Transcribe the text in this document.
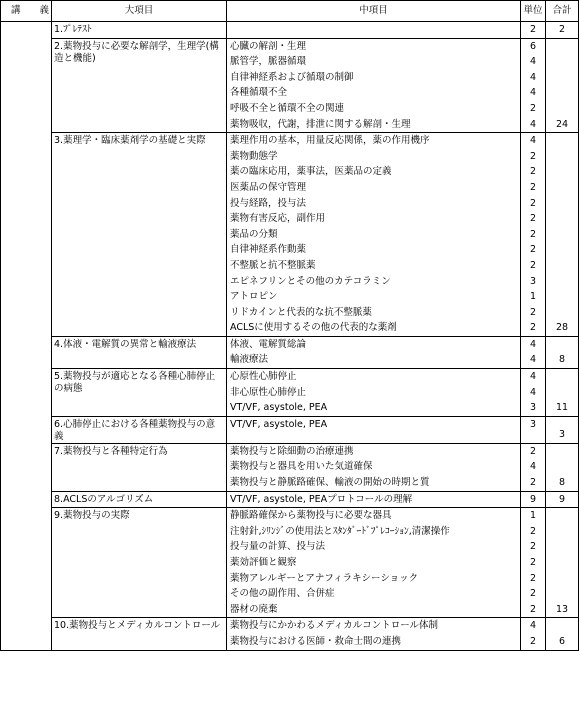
講 義	大項目	中項目	単位	合計
	1.ﾌﾟﾚﾃｽﾄ		2	2
	2.薬物投与に必要な解剖学，生理学(構造と機能)	心臓の解剖・生理	6	24
		脈管学，脈器循環	4	
		自律神経系および循環の制御	4	
		各種循環不全	4	
		呼吸不全と循環不全の関連	2	
		薬物吸収，代謝，排泄に関する解剖・生理	4	
	3.薬理学・臨床薬剤学の基礎と実際	薬理作用の基本，用量反応関係，薬の作用機序	4	28
		薬物動態学	2	
		薬の臨床応用，薬事法，医薬品の定義	2	
		医薬品の保守管理	2	
		投与経路，投与法	2	
		薬物有害反応，副作用	2	
		薬品の分類	2	
		自律神経系作動薬	2	
		不整脈と抗不整脈薬	2	
		エピネフリンとその他のカテコラミン	3	
		アトロピン	1	
		リドカインと代表的な抗不整脈薬	2	
		ACLSに使用するその他の代表的な薬剤	2	
	4.体液・電解質の異常と輸液療法	体液、電解質総論	4	8
		輸液療法	4	
	5.薬物投与が適応となる各種心肺停止の病態	心原性心肺停止	4	11
		非心原性心肺停止	4	
		VT/VF, asystole, PEA	3	
	6.心肺停止における各種薬物投与の意義	VT/VF, asystole, PEA	3	3
	7.薬物投与と各種特定行為	薬物投与と除細動の治療連携	2	8
		薬物投与と器具を用いた気道確保	4	
		薬物投与と静脈路確保、輸液の開始の時期と質	2	
	8.ACLSのアルゴリズム	VT/VF, asystole, PEAプロトコールの理解	9	9
	9.薬物投与の実際	静脈路確保から薬物投与に必要な器具	1	13
		注射針,ｼﾘﾝｼﾞの使用法とｽﾀﾝﾀﾞｰﾄﾞﾌﾟﾚｺｰｼｮﾝ,清潔操作	2	
		投与量の計算、投与法	2	
		薬効評価と観察	2	
		薬物アレルギーとアナフィラキシーショック	2	
		その他の副作用、合併症	2	
		器材の廃棄	2	
	10.薬物投与とメディカルコントロール	薬物投与にかかわるメディカルコントロール体制	4	6
		薬物投与における医師・救命士間の連携	2	
